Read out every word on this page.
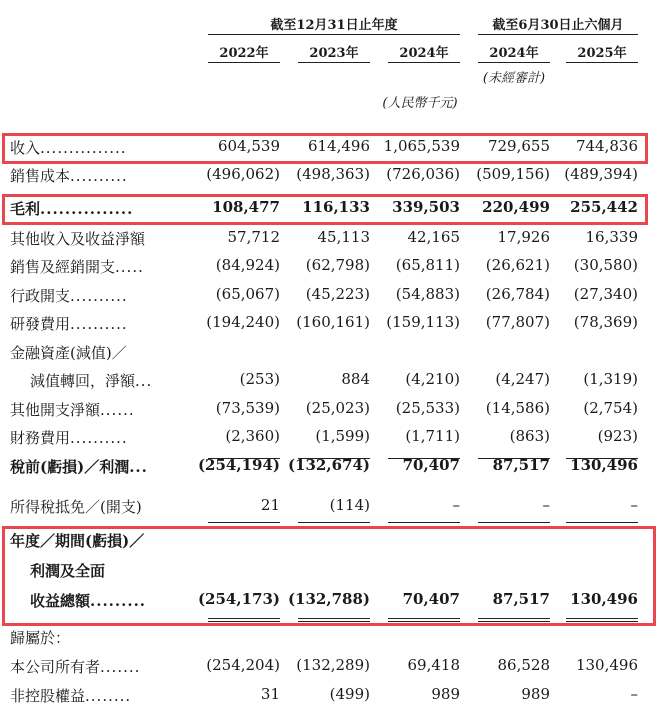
截至12月31日止年度	截至6月30日止六個月
2022年	2023年	2024年	2024年	2025年
(未經審計)
(人民幣千元)
收入...............	604,539	614,496 1,065,539	729,655	744,836
銷售成本..........	(496,062)	(498,363)	(726,036)	(509,156) (489,394)
毛利...............	108,477	116,133	339,503	220,499	255,442
其他收入及收益淨額	57,712	45,113	42,165	17,926	16,339
銷售及經銷開支.....	(84,924)	(62,798)	(65,811)	(26,621)	(30,580)
行政開支..........	(65,067)	(45,223)	(54,883)	(26,784)	(27,340)
研發費用..........	(194,240)	(160,161)	(159,113)	(77,807)	(78,369)
金融資產(減值)／
減值轉回，淨額...	(253)	884	(4,210)	(4,247)	(1,319)
其他開支淨額......	(73,539)	(25,023)	(25,533)	(14,586)	(2,754)
財務費用..........	(2,360)	(1,599)	(1,711)	(863)	(923)
稅前(虧損)／利潤...	(254,194) (132,674)	70,407	87,517	130,496
所得稅抵免／(開支)	21	(114)	–	–	–
年度／期間(虧損)／
利潤及全面
收益總額.........	(254,173) (132,788)	70,407	87,517	130,496
歸屬於：
本公司所有者.......	(254,204)	(132,289)	69,418	86,528	130,496
非控股權益........	31	(499)	989	989	–
